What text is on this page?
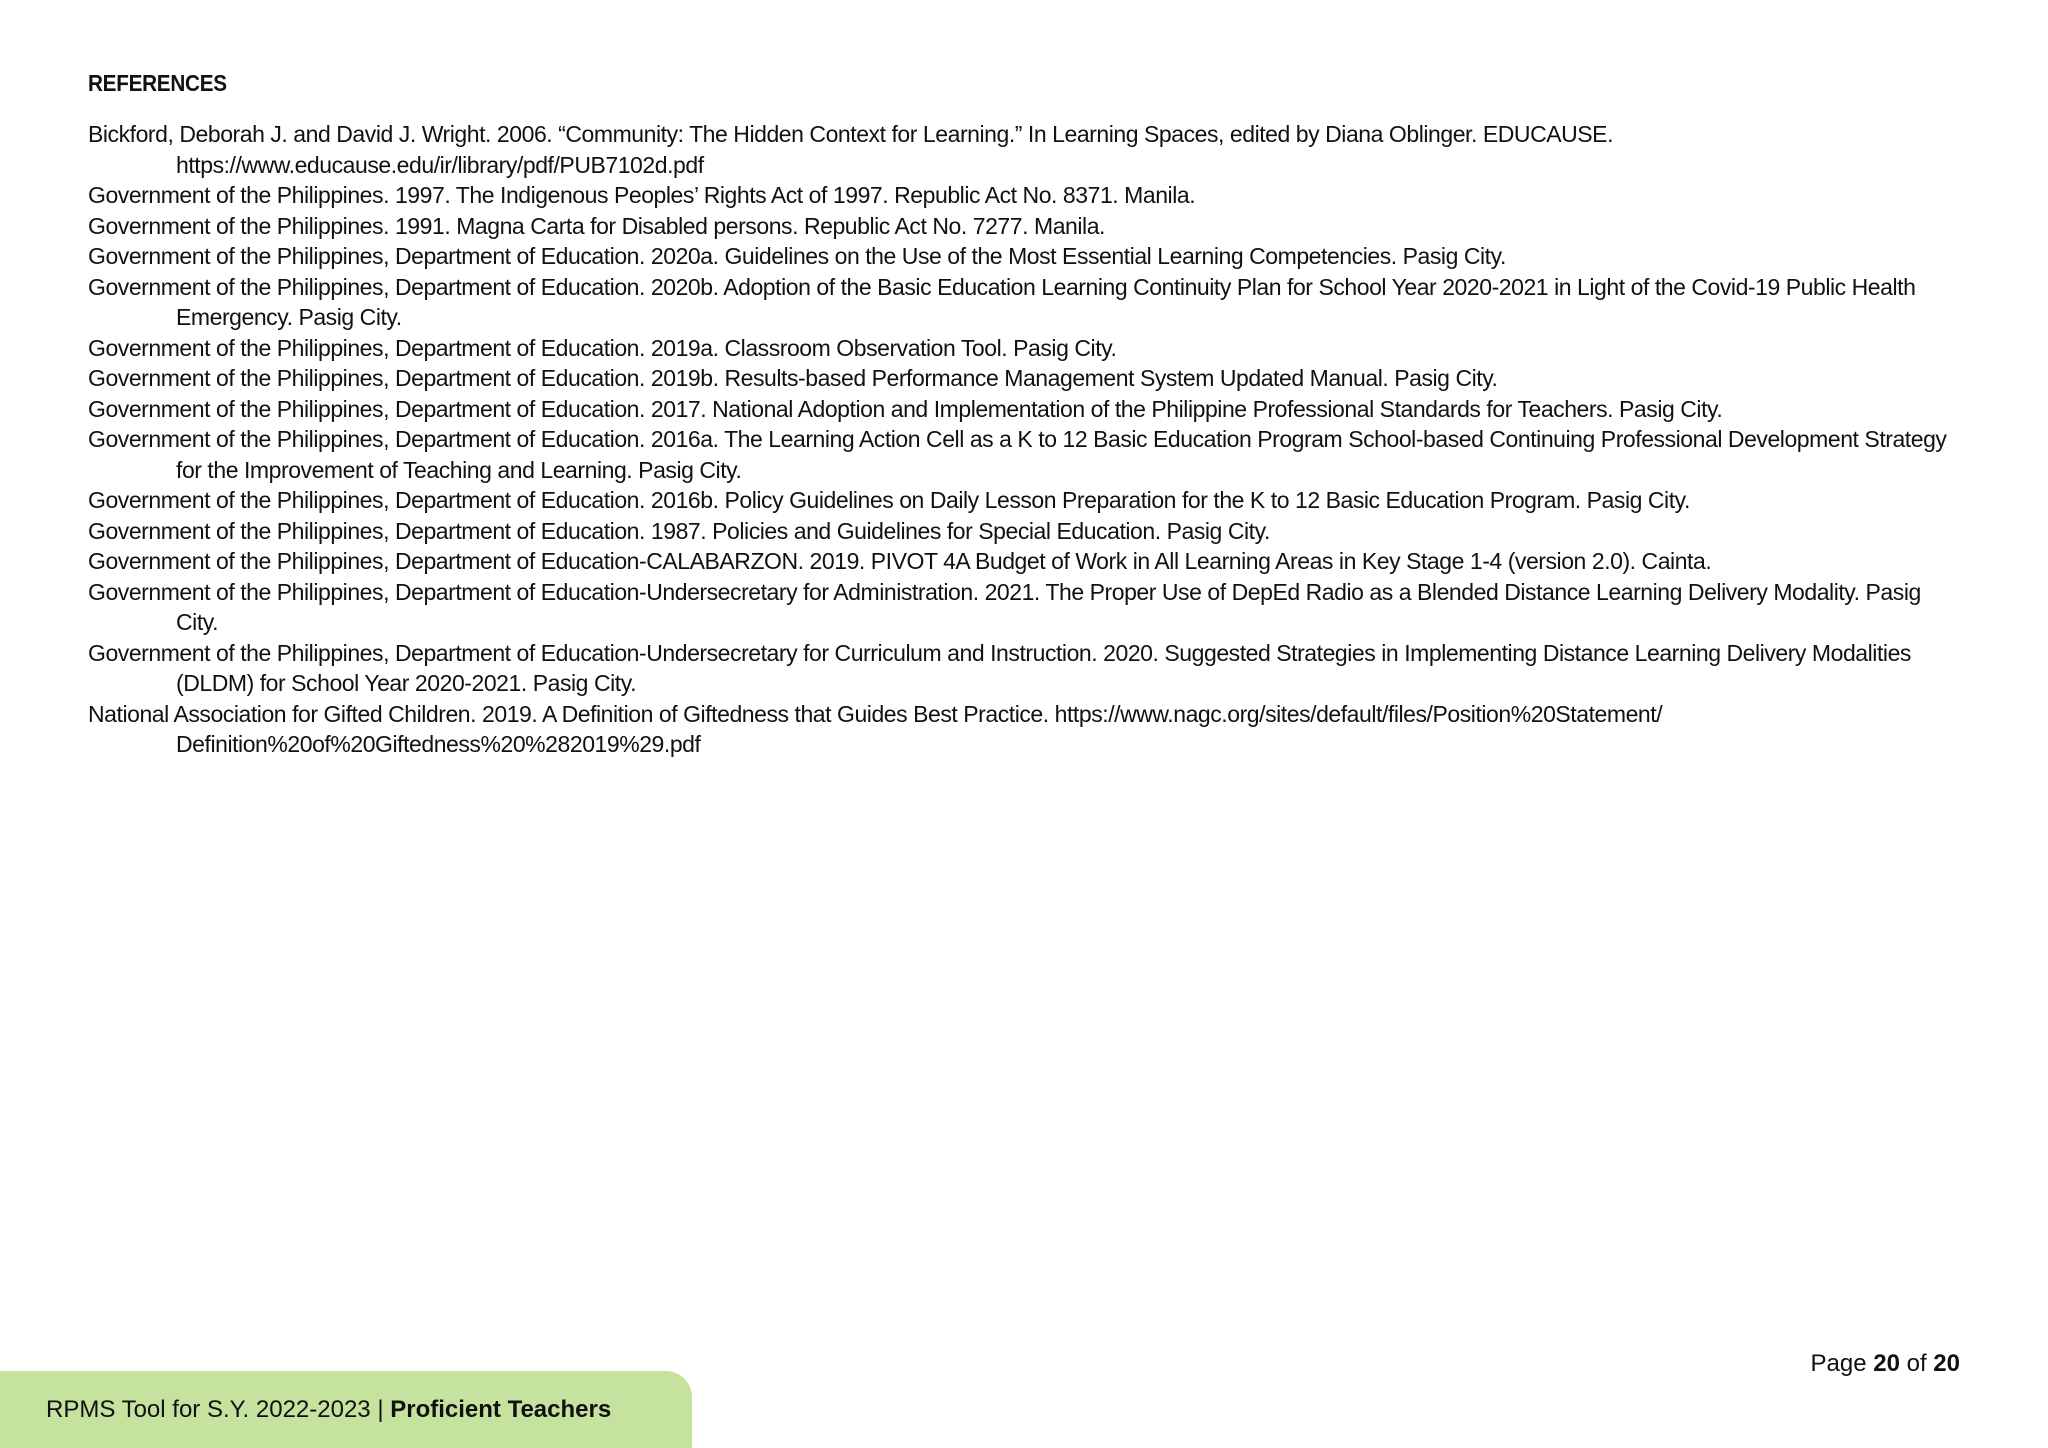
REFERENCES
Bickford, Deborah J. and David J. Wright. 2006. “Community: The Hidden Context for Learning.” In Learning Spaces, edited by Diana Oblinger. EDUCAUSE. https://www.educause.edu/ir/library/pdf/PUB7102d.pdf
Government of the Philippines. 1997. The Indigenous Peoples’ Rights Act of 1997. Republic Act No. 8371. Manila.
Government of the Philippines. 1991. Magna Carta for Disabled persons. Republic Act No. 7277. Manila.
Government of the Philippines, Department of Education. 2020a. Guidelines on the Use of the Most Essential Learning Competencies. Pasig City.
Government of the Philippines, Department of Education. 2020b. Adoption of the Basic Education Learning Continuity Plan for School Year 2020-2021 in Light of the Covid-19 Public Health Emergency. Pasig City.
Government of the Philippines, Department of Education. 2019a. Classroom Observation Tool. Pasig City.
Government of the Philippines, Department of Education. 2019b. Results-based Performance Management System Updated Manual. Pasig City.
Government of the Philippines, Department of Education. 2017. National Adoption and Implementation of the Philippine Professional Standards for Teachers. Pasig City.
Government of the Philippines, Department of Education. 2016a. The Learning Action Cell as a K to 12 Basic Education Program School-based Continuing Professional Development Strategy for the Improvement of Teaching and Learning. Pasig City.
Government of the Philippines, Department of Education. 2016b. Policy Guidelines on Daily Lesson Preparation for the K to 12 Basic Education Program. Pasig City.
Government of the Philippines, Department of Education. 1987. Policies and Guidelines for Special Education. Pasig City.
Government of the Philippines, Department of Education-CALABARZON. 2019. PIVOT 4A Budget of Work in All Learning Areas in Key Stage 1-4 (version 2.0). Cainta.
Government of the Philippines, Department of Education-Undersecretary for Administration. 2021. The Proper Use of DepEd Radio as a Blended Distance Learning Delivery Modality. Pasig City.
Government of the Philippines, Department of Education-Undersecretary for Curriculum and Instruction. 2020. Suggested Strategies in Implementing Distance Learning Delivery Modalities (DLDM) for School Year 2020-2021. Pasig City.
National Association for Gifted Children. 2019. A Definition of Giftedness that Guides Best Practice. https://www.nagc.org/sites/default/files/Position%20Statement/ Definition%20of%20Giftedness%20%282019%29.pdf
Page 20 of 20
RPMS Tool for S.Y. 2022-2023 |
Proficient Teachers
